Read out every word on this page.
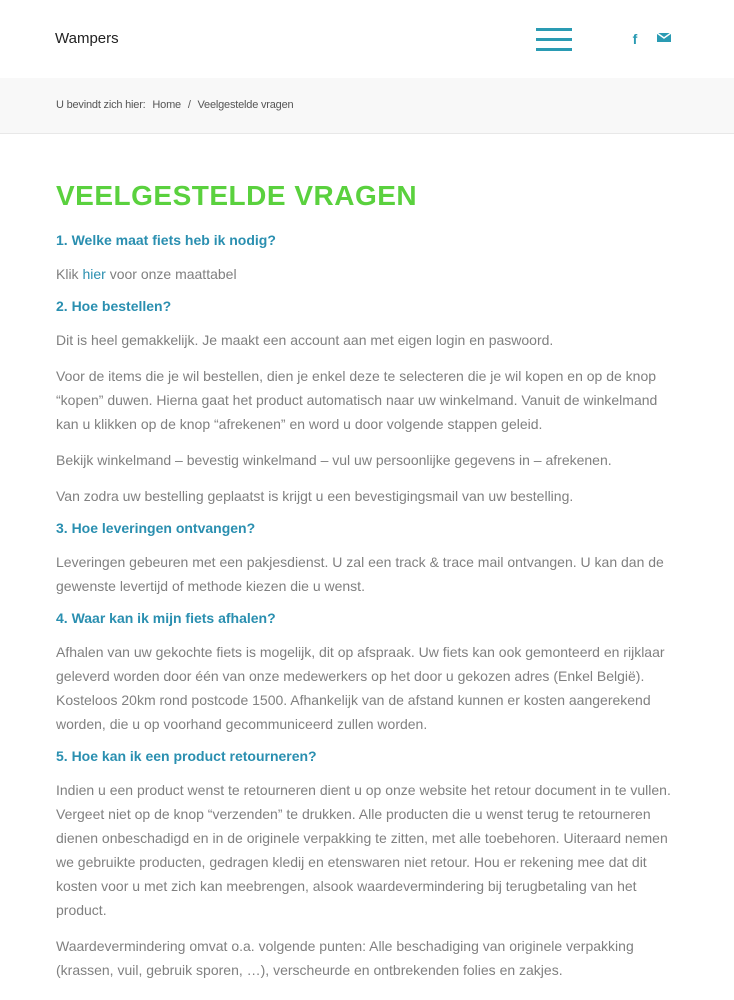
Wampers	f
U bevindt zich hier: Home / Veelgestelde vragen
VEELGESTELDE VRAGEN
1. Welke maat fiets heb ik nodig?

Klik hier voor onze maattabel

2. Hoe bestellen?

Dit is heel gemakkelijk. Je maakt een account aan met eigen login en paswoord.

Voor de items die je wil bestellen, dien je enkel deze te selecteren die je wil kopen en op de knop “kopen” duwen. Hierna gaat het product automatisch naar uw winkelmand. Vanuit de winkelmand kan u klikken op de knop “afrekenen” en word u door volgende stappen geleid.

Bekijk winkelmand – bevestig winkelmand – vul uw persoonlijke gegevens in – afrekenen.

Van zodra uw bestelling geplaatst is krijgt u een bevestigingsmail van uw bestelling.

3. Hoe leveringen ontvangen?

Leveringen gebeuren met een pakjesdienst. U zal een track & trace mail ontvangen. U kan dan de gewenste levertijd of methode kiezen die u wenst.

4. Waar kan ik mijn fiets afhalen?

Afhalen van uw gekochte fiets is mogelijk, dit op afspraak. Uw fiets kan ook gemonteerd en rijklaar geleverd worden door één van onze medewerkers op het door u gekozen adres (Enkel België). Kosteloos 20km rond postcode 1500. Afhankelijk van de afstand kunnen er kosten aangerekend worden, die u op voorhand gecommuniceerd zullen worden.

5. Hoe kan ik een product retourneren?

Indien u een product wenst te retourneren dient u op onze website het retour document in te vullen. Vergeet niet op de knop “verzenden” te drukken. Alle producten die u wenst terug te retourneren dienen onbeschadigd en in de originele verpakking te zitten, met alle toebehoren. Uiteraard nemen we gebruikte producten, gedragen kledij en etenswaren niet retour. Hou er rekening mee dat dit kosten voor u met zich kan meebrengen, alsook waardevermindering bij terugbetaling van het product.

Waardevermindering omvat o.a. volgende punten: Alle beschadiging van originele verpakking (krassen, vuil, gebruik sporen, …), verscheurde en ontbrekenden folies en zakjes.
